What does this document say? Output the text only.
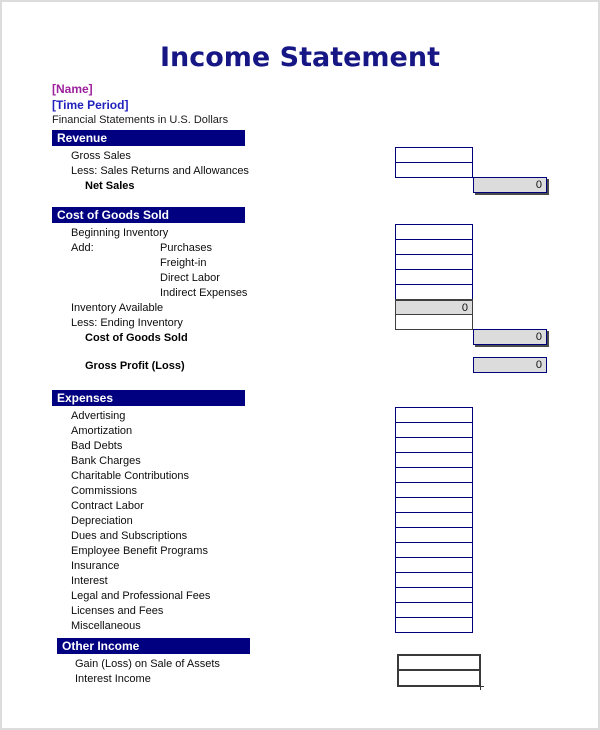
Income Statement
[Name]
[Time Period]
Financial Statements in U.S. Dollars
Revenue
Gross Sales
Less: Sales Returns and Allowances
Net Sales	0
Cost of Goods Sold
Beginning Inventory
Add:	Purchases
Freight-in
Direct Labor
Indirect Expenses
Inventory Available	0
Less: Ending Inventory
Cost of Goods Sold	0
Gross Profit (Loss)	0
Expenses
Advertising
Amortization
Bad Debts
Bank Charges
Charitable Contributions
Commissions
Contract Labor
Depreciation
Dues and Subscriptions
Employee Benefit Programs
Insurance
Interest
Legal and Professional Fees
Licenses and Fees
Miscellaneous
Other Income
Gain (Loss) on Sale of Assets
Interest Income
